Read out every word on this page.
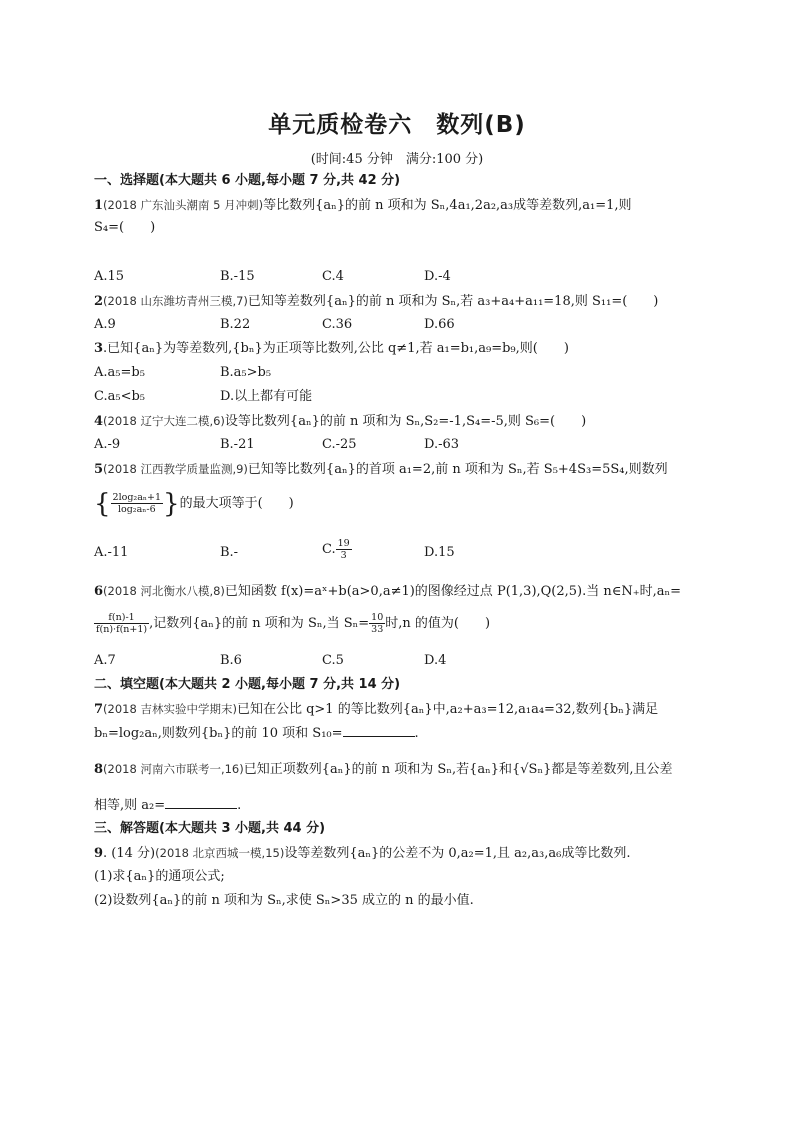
单元质检卷六　数列(B)
(时间:45 分钟　满分:100 分)
一、选择题(本大题共 6 小题,每小题 7 分,共 42 分)
1(2018 广东汕头潮南 5 月冲刺)等比数列{aₙ}的前 n 项和为 Sₙ,4a₁,2a₂,a₃成等差数列,a₁=1,则
S₄=(　　)
A.15	B.-15	C.4	D.-4
2(2018 山东潍坊青州三模,7)已知等差数列{aₙ}的前 n 项和为 Sₙ,若 a₃+a₄+a₁₁=18,则 S₁₁=(　　)
A.9	B.22	C.36	D.66
3.已知{aₙ}为等差数列,{bₙ}为正项等比数列,公比 q≠1,若 a₁=b₁,a₉=b₉,则(　　)
A.a₅=b₅	B.a₅>b₅
C.a₅<b₅	D.以上都有可能
4(2018 辽宁大连二模,6)设等比数列{aₙ}的前 n 项和为 Sₙ,S₂=-1,S₄=-5,则 S₆=(　　)
A.-9	B.-21	C.-25	D.-63
5(2018 江西教学质量监测,9)已知等比数列{aₙ}的首项 a₁=2,前 n 项和为 Sₙ,若 S₅+4S₃=5S₄,则数列
{ $\frac{\text{2log₂aₙ+1}}{\text{log₂aₙ-6}}$ }的最大项等于(　　)
A.-11	B.-	C. $\frac{19}{3}$	D.15
6(2018 河北衡水八模,8)已知函数 f(x)=aˣ+b(a>0,a≠1)的图像经过点 P(1,3),Q(2,5).当 n∈N₊时,aₙ=
$\frac{f(n)-1}{f(n)\cdot f(n+1)}$ ,记数列{aₙ}的前 n 项和为 Sₙ,当 $S_n= \frac{10}{33}$ 时,n 的值为(　　)
A.7	B.6	C.5	D.4
二、填空题(本大题共 2 小题,每小题 7 分,共 14 分)
7(2018 吉林实验中学期末)已知在公比 q>1 的等比数列{aₙ}中,a₂+a₃=12,a₁a₄=32,数列{bₙ}满足
bₙ=log₂aₙ,则数列{bₙ}的前 10 项和 S₁₀=	.
8(2018 河南六市联考一,16)已知正项数列{aₙ}的前 n 项和为 Sₙ,若{aₙ}和{√Sₙ}都是等差数列,且公差
相等,则 a₂=	.
三、解答题(本大题共 3 小题,共 44 分)
9. (14 分)(2018 北京西城一模,15)设等差数列{aₙ}的公差不为 0,a₂=1,且 a₂,a₃,a₆成等比数列.
(1)求{aₙ}的通项公式;
(2)设数列{aₙ}的前 n 项和为 Sₙ,求使 Sₙ>35 成立的 n 的最小值.
